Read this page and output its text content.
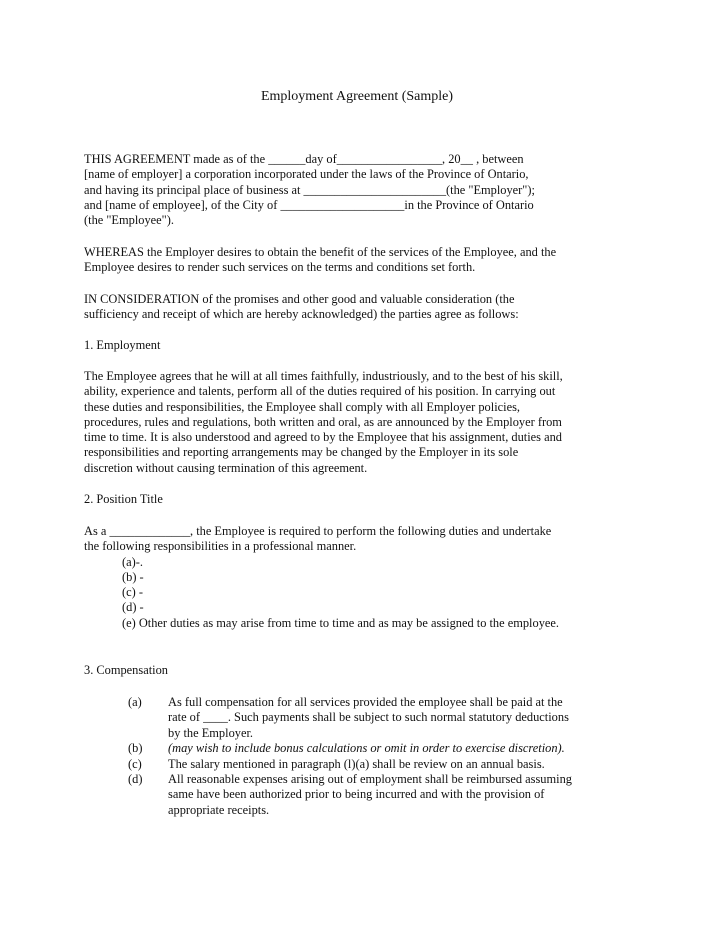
Employment Agreement (Sample)
THIS AGREEMENT made as of the ______day of_________________, 20__ , between
[name of employer] a corporation incorporated under the laws of the Province of Ontario,
and having its principal place of business at _______________________(the "Employer");
and [name of employee], of the City of ____________________in the Province of Ontario
(the "Employee").
WHEREAS the Employer desires to obtain the benefit of the services of the Employee, and the
Employee desires to render such services on the terms and conditions set forth.
IN CONSIDERATION of the promises and other good and valuable consideration (the
sufficiency and receipt of which are hereby acknowledged) the parties agree as follows:
1. Employment
The Employee agrees that he will at all times faithfully, industriously, and to the best of his skill,
ability, experience and talents, perform all of the duties required of his position. In carrying out
these duties and responsibilities, the Employee shall comply with all Employer policies,
procedures, rules and regulations, both written and oral, as are announced by the Employer from
time to time. It is also understood and agreed to by the Employee that his assignment, duties and
responsibilities and reporting arrangements may be changed by the Employer in its sole
discretion without causing termination of this agreement.
2. Position Title
As a _____________, the Employee is required to perform the following duties and undertake
the following responsibilities in a professional manner.
(a)-.
(b) -
(c) -
(d) -
(e) Other duties as may arise from time to time and as may be assigned to the employee.
3. Compensation
(a) As full compensation for all services provided the employee shall be paid at the
rate of ____. Such payments shall be subject to such normal statutory deductions
by the Employer.
(b) (may wish to include bonus calculations or omit in order to exercise discretion).
(c) The salary mentioned in paragraph (l)(a) shall be review on an annual basis.
(d) All reasonable expenses arising out of employment shall be reimbursed assuming
same have been authorized prior to being incurred and with the provision of
appropriate receipts.
